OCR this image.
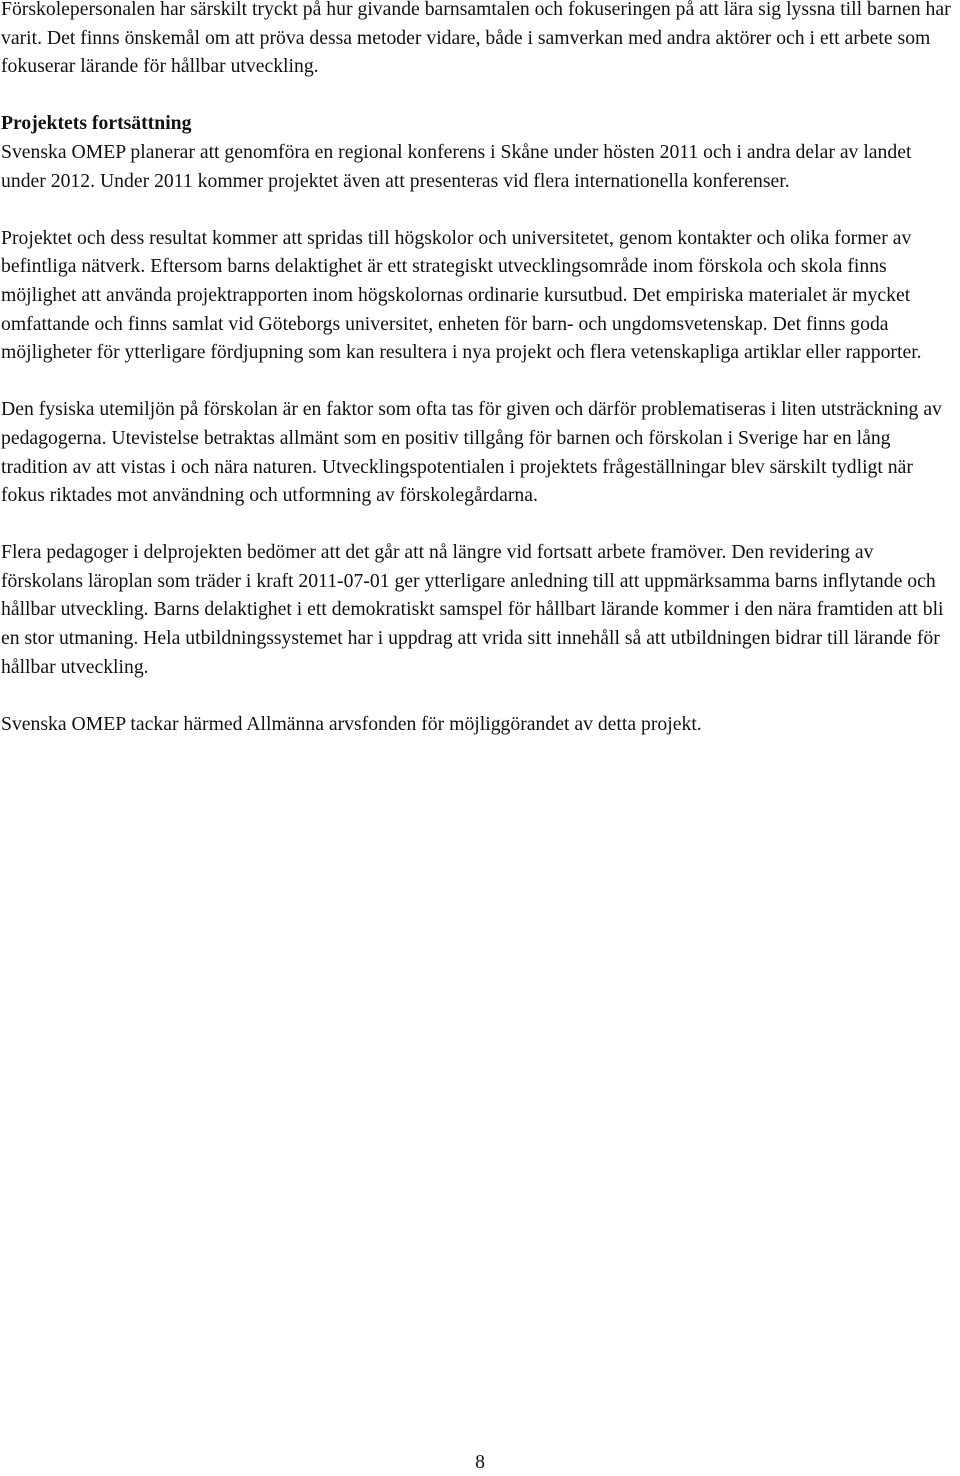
Förskolepersonalen har särskilt tryckt på hur givande barnsamtalen och fokuseringen på att lära sig lyssna till barnen har varit. Det finns önskemål om att pröva dessa metoder vidare, både i samverkan med andra aktörer och i ett arbete som fokuserar lärande för hållbar utveckling.

Projektets fortsättning
Svenska OMEP planerar att genomföra en regional konferens i Skåne under hösten 2011 och i andra delar av landet under 2012. Under 2011 kommer projektet även att presenteras vid flera internationella konferenser.

Projektet och dess resultat kommer att spridas till högskolor och universitetet, genom kontakter och olika former av befintliga nätverk. Eftersom barns delaktighet är ett strategiskt utvecklingsområde inom förskola och skola finns möjlighet att använda projektrapporten inom högskolornas ordinarie kursutbud. Det empiriska materialet är mycket omfattande och finns samlat vid Göteborgs universitet, enheten för barn- och ungdomsvetenskap. Det finns goda möjligheter för ytterligare fördjupning som kan resultera i nya projekt och flera vetenskapliga artiklar eller rapporter.

Den fysiska utemiljön på förskolan är en faktor som ofta tas för given och därför problematiseras i liten utsträckning av pedagogerna. Utevistelse betraktas allmänt som en positiv tillgång för barnen och förskolan i Sverige har en lång tradition av att vistas i och nära naturen. Utvecklingspotentialen i projektets frågeställningar blev särskilt tydligt när fokus riktades mot användning och utformning av förskolegårdarna.

Flera pedagoger i delprojekten bedömer att det går att nå längre vid fortsatt arbete framöver. Den revidering av förskolans läroplan som träder i kraft 2011-07-01 ger ytterligare anledning till att uppmärksamma barns inflytande och hållbar utveckling. Barns delaktighet i ett demokratiskt samspel för hållbart lärande kommer i den nära framtiden att bli en stor utmaning. Hela utbildningssystemet har i uppdrag att vrida sitt innehåll så att utbildningen bidrar till lärande för hållbar utveckling.

Svenska OMEP tackar härmed Allmänna arvsfonden för möjliggörandet av detta projekt.

8
